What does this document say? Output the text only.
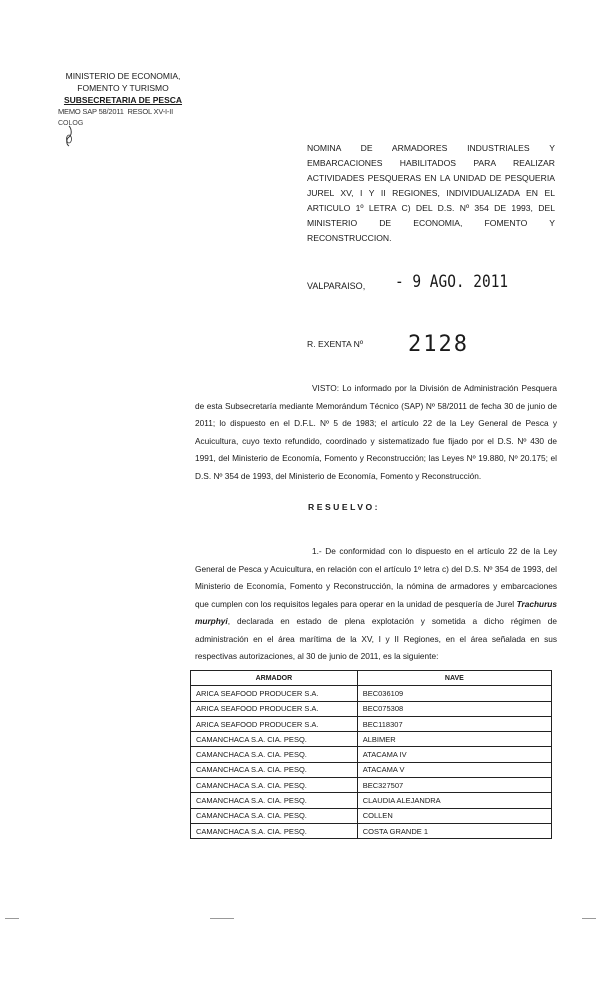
MINISTERIO DE ECONOMIA,
FOMENTO Y TURISMO
SUBSECRETARIA DE PESCA
MEMO SAP 58/2011 RESOL XV-I-II
COLOG
NOMINA DE ARMADORES INDUSTRIALES Y EMBARCACIONES HABILITADOS PARA REALIZAR ACTIVIDADES PESQUERAS EN LA UNIDAD DE PESQUERIA JUREL XV, I Y II REGIONES, INDIVIDUALIZADA EN EL ARTICULO 1º LETRA C) DEL D.S. Nº 354 DE 1993, DEL MINISTERIO DE ECONOMIA, FOMENTO Y RECONSTRUCCION.
VALPARAISO, - 9 AGO. 2011
R. EXENTA Nº 2128
VISTO: Lo informado por la División de Administración Pesquera de esta Subsecretaría mediante Memorándum Técnico (SAP) Nº 58/2011 de fecha 30 de junio de 2011; lo dispuesto en el D.F.L. Nº 5 de 1983; el artículo 22 de la Ley General de Pesca y Acuicultura, cuyo texto refundido, coordinado y sistematizado fue fijado por el D.S. Nº 430 de 1991, del Ministerio de Economía, Fomento y Reconstrucción; las Leyes Nº 19.880, Nº 20.175; el D.S. Nº 354 de 1993, del Ministerio de Economía, Fomento y Reconstrucción.
RESUELVO:
1.- De conformidad con lo dispuesto en el artículo 22 de la Ley General de Pesca y Acuicultura, en relación con el artículo 1º letra c) del D.S. Nº 354 de 1993, del Ministerio de Economía, Fomento y Reconstrucción, la nómina de armadores y embarcaciones que cumplen con los requisitos legales para operar en la unidad de pesquería de Jurel Trachurus murphyi, declarada en estado de plena explotación y sometida a dicho régimen de administración en el área marítima de la XV, I y II Regiones, en el área señalada en sus respectivas autorizaciones, al 30 de junio de 2011, es la siguiente:
ARMADOR	NAVE
ARICA SEAFOOD PRODUCER S.A.	BEC036109
ARICA SEAFOOD PRODUCER S.A.	BEC075308
ARICA SEAFOOD PRODUCER S.A.	BEC118307
CAMANCHACA S.A. CIA. PESQ.	ALBIMER
CAMANCHACA S.A. CIA. PESQ.	ATACAMA IV
CAMANCHACA S.A. CIA. PESQ.	ATACAMA V
CAMANCHACA S.A. CIA. PESQ.	BEC327507
CAMANCHACA S.A. CIA. PESQ.	CLAUDIA ALEJANDRA
CAMANCHACA S.A. CIA. PESQ.	COLLEN
CAMANCHACA S.A. CIA. PESQ.	COSTA GRANDE 1
